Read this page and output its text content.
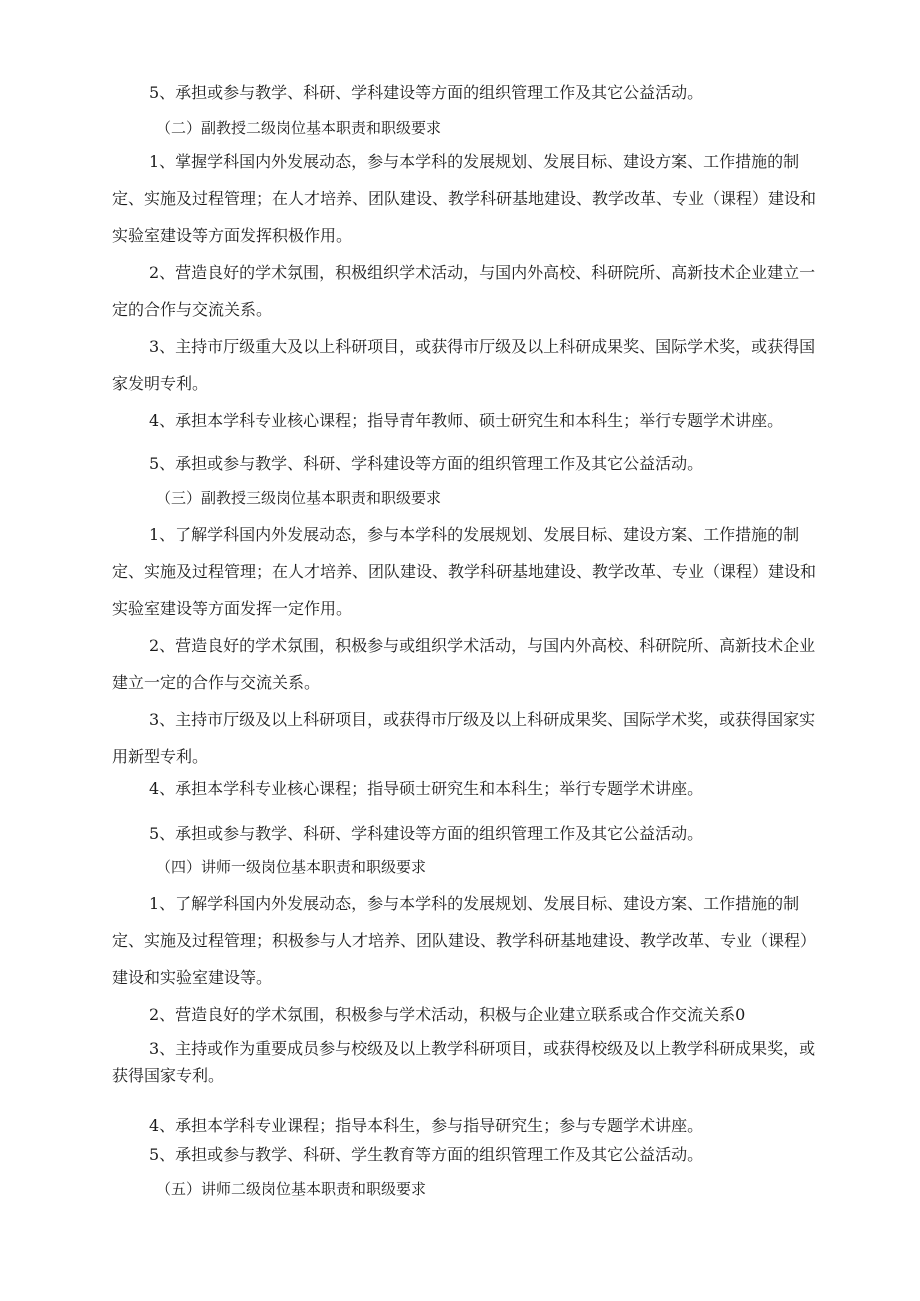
5、承担或参与教学、科研、学科建设等方面的组织管理工作及其它公益活动。

（二）副教授二级岗位基本职责和职级要求

1、掌握学科国内外发展动态，参与本学科的发展规划、发展目标、建设方案、工作措施的制定、实施及过程管理；在人才培养、团队建设、教学科研基地建设、教学改革、专业（课程）建设和实验室建设等方面发挥积极作用。

2、营造良好的学术氛围，积极组织学术活动，与国内外高校、科研院所、高新技术企业建立一定的合作与交流关系。

3、主持市厅级重大及以上科研项目，或获得市厅级及以上科研成果奖、国际学术奖，或获得国家发明专利。

4、承担本学科专业核心课程；指导青年教师、硕士研究生和本科生；举行专题学术讲座。

5、承担或参与教学、科研、学科建设等方面的组织管理工作及其它公益活动。

（三）副教授三级岗位基本职责和职级要求

1、了解学科国内外发展动态，参与本学科的发展规划、发展目标、建设方案、工作措施的制定、实施及过程管理；在人才培养、团队建设、教学科研基地建设、教学改革、专业（课程）建设和实验室建设等方面发挥一定作用。

2、营造良好的学术氛围，积极参与或组织学术活动，与国内外高校、科研院所、高新技术企业建立一定的合作与交流关系。

3、主持市厅级及以上科研项目，或获得市厅级及以上科研成果奖、国际学术奖，或获得国家实用新型专利。

4、承担本学科专业核心课程；指导硕士研究生和本科生；举行专题学术讲座。

5、承担或参与教学、科研、学科建设等方面的组织管理工作及其它公益活动。

（四）讲师一级岗位基本职责和职级要求

1、了解学科国内外发展动态，参与本学科的发展规划、发展目标、建设方案、工作措施的制定、实施及过程管理；积极参与人才培养、团队建设、教学科研基地建设、教学改革、专业（课程）建设和实验室建设等。

2、营造良好的学术氛围，积极参与学术活动，积极与企业建立联系或合作交流关系0

3、主持或作为重要成员参与校级及以上教学科研项目，或获得校级及以上教学科研成果奖，或获得国家专利。

4、承担本学科专业课程；指导本科生，参与指导研究生；参与专题学术讲座。

5、承担或参与教学、科研、学生教育等方面的组织管理工作及其它公益活动。

（五）讲师二级岗位基本职责和职级要求
